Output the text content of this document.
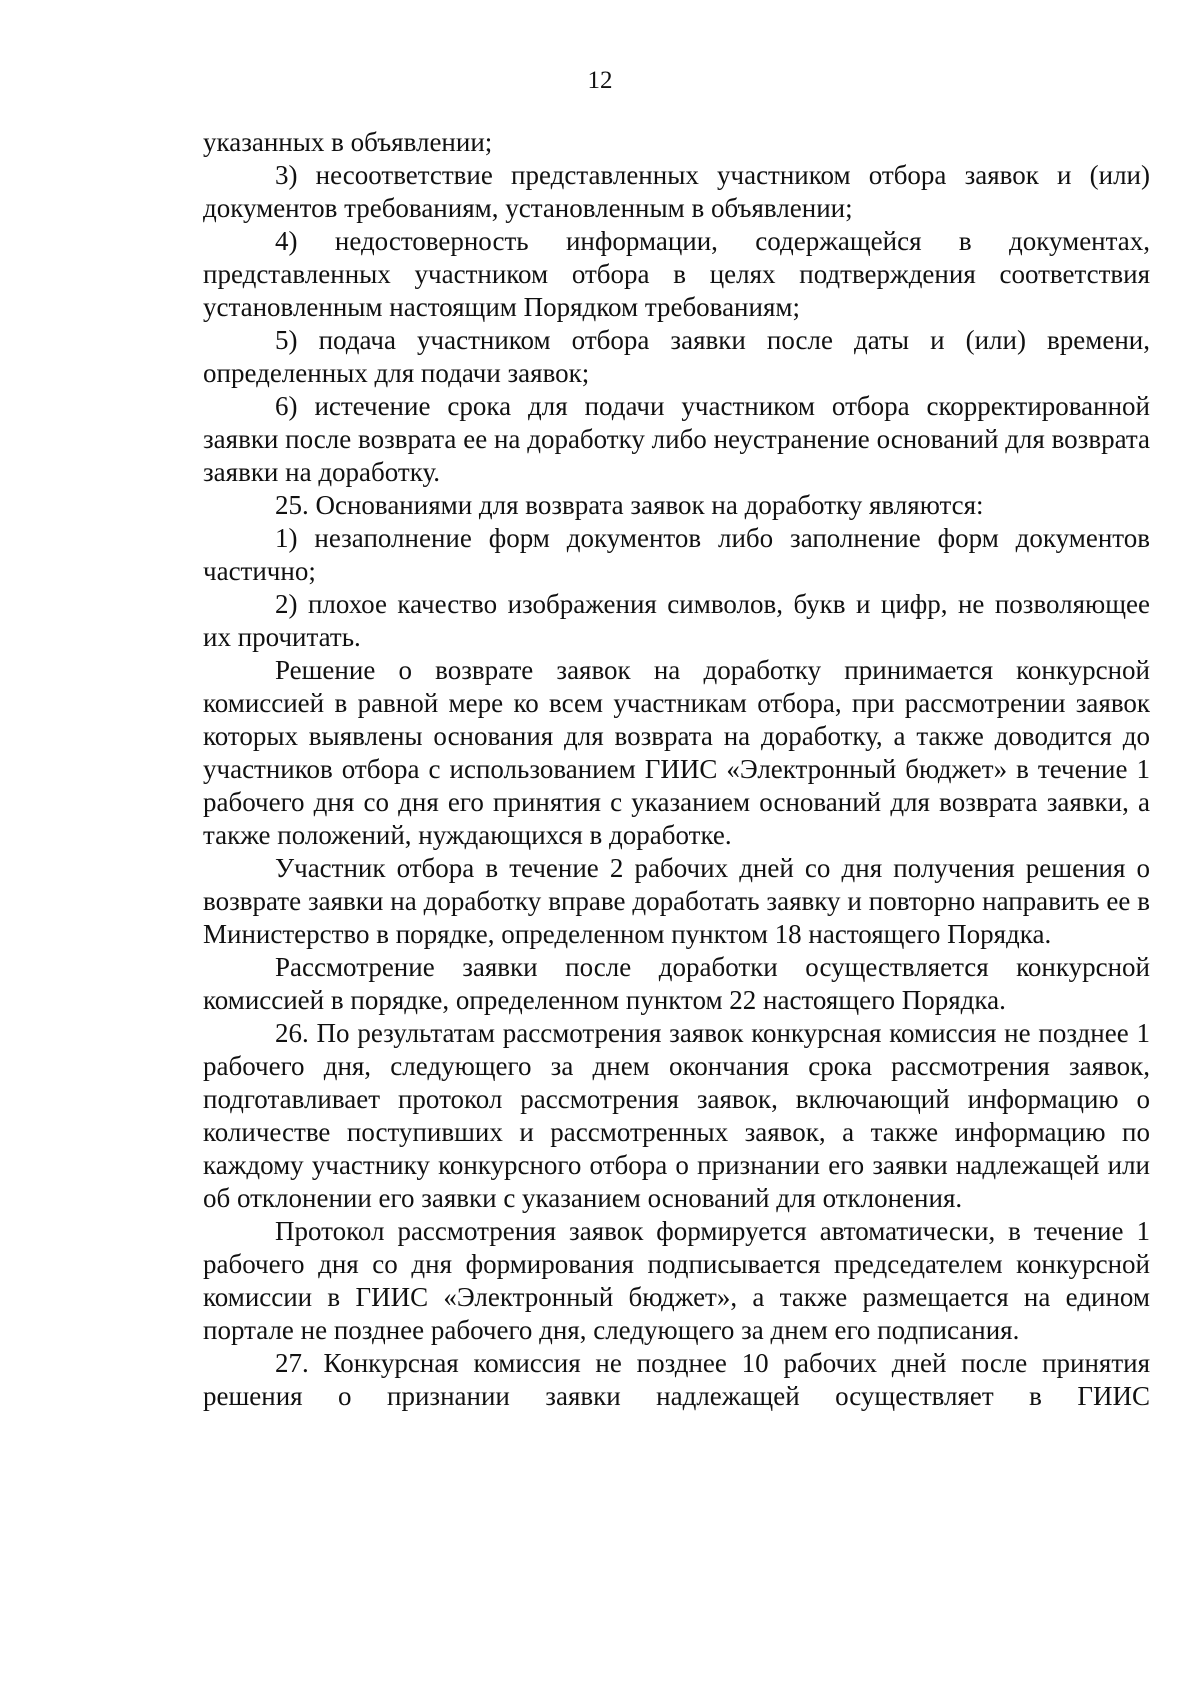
12

указанных в объявлении;

3) несоответствие представленных участником отбора заявок и (или) документов требованиям, установленным в объявлении;

4) недостоверность информации, содержащейся в документах, представленных участником отбора в целях подтверждения соответствия установленным настоящим Порядком требованиям;

5) подача участником отбора заявки после даты и (или) времени, определенных для подачи заявок;

6) истечение срока для подачи участником отбора скорректированной заявки после возврата ее на доработку либо неустранение оснований для возврата заявки на доработку.

25. Основаниями для возврата заявок на доработку являются:

1) незаполнение форм документов либо заполнение форм документов частично;

2) плохое качество изображения символов, букв и цифр, не позволяющее их прочитать.

Решение о возврате заявок на доработку принимается конкурсной комиссией в равной мере ко всем участникам отбора, при рассмотрении заявок которых выявлены основания для возврата на доработку, а также доводится до участников отбора с использованием ГИИС «Электронный бюджет» в течение 1 рабочего дня со дня его принятия с указанием оснований для возврата заявки, а также положений, нуждающихся в доработке.

Участник отбора в течение 2 рабочих дней со дня получения решения о возврате заявки на доработку вправе доработать заявку и повторно направить ее в Министерство в порядке, определенном пунктом 18 настоящего Порядка.

Рассмотрение заявки после доработки осуществляется конкурсной комиссией в порядке, определенном пунктом 22 настоящего Порядка.

26. По результатам рассмотрения заявок конкурсная комиссия не позднее 1 рабочего дня, следующего за днем окончания срока рассмотрения заявок, подготавливает протокол рассмотрения заявок, включающий информацию о количестве поступивших и рассмотренных заявок, а также информацию по каждому участнику конкурсного отбора о признании его заявки надлежащей или об отклонении его заявки с указанием оснований для отклонения.

Протокол рассмотрения заявок формируется автоматически, в течение 1 рабочего дня со дня формирования подписывается председателем конкурсной комиссии в ГИИС «Электронный бюджет», а также размещается на едином портале не позднее рабочего дня, следующего за днем его подписания.

27. Конкурсная комиссия не позднее 10 рабочих дней после принятия решения о признании заявки надлежащей осуществляет в ГИИС
